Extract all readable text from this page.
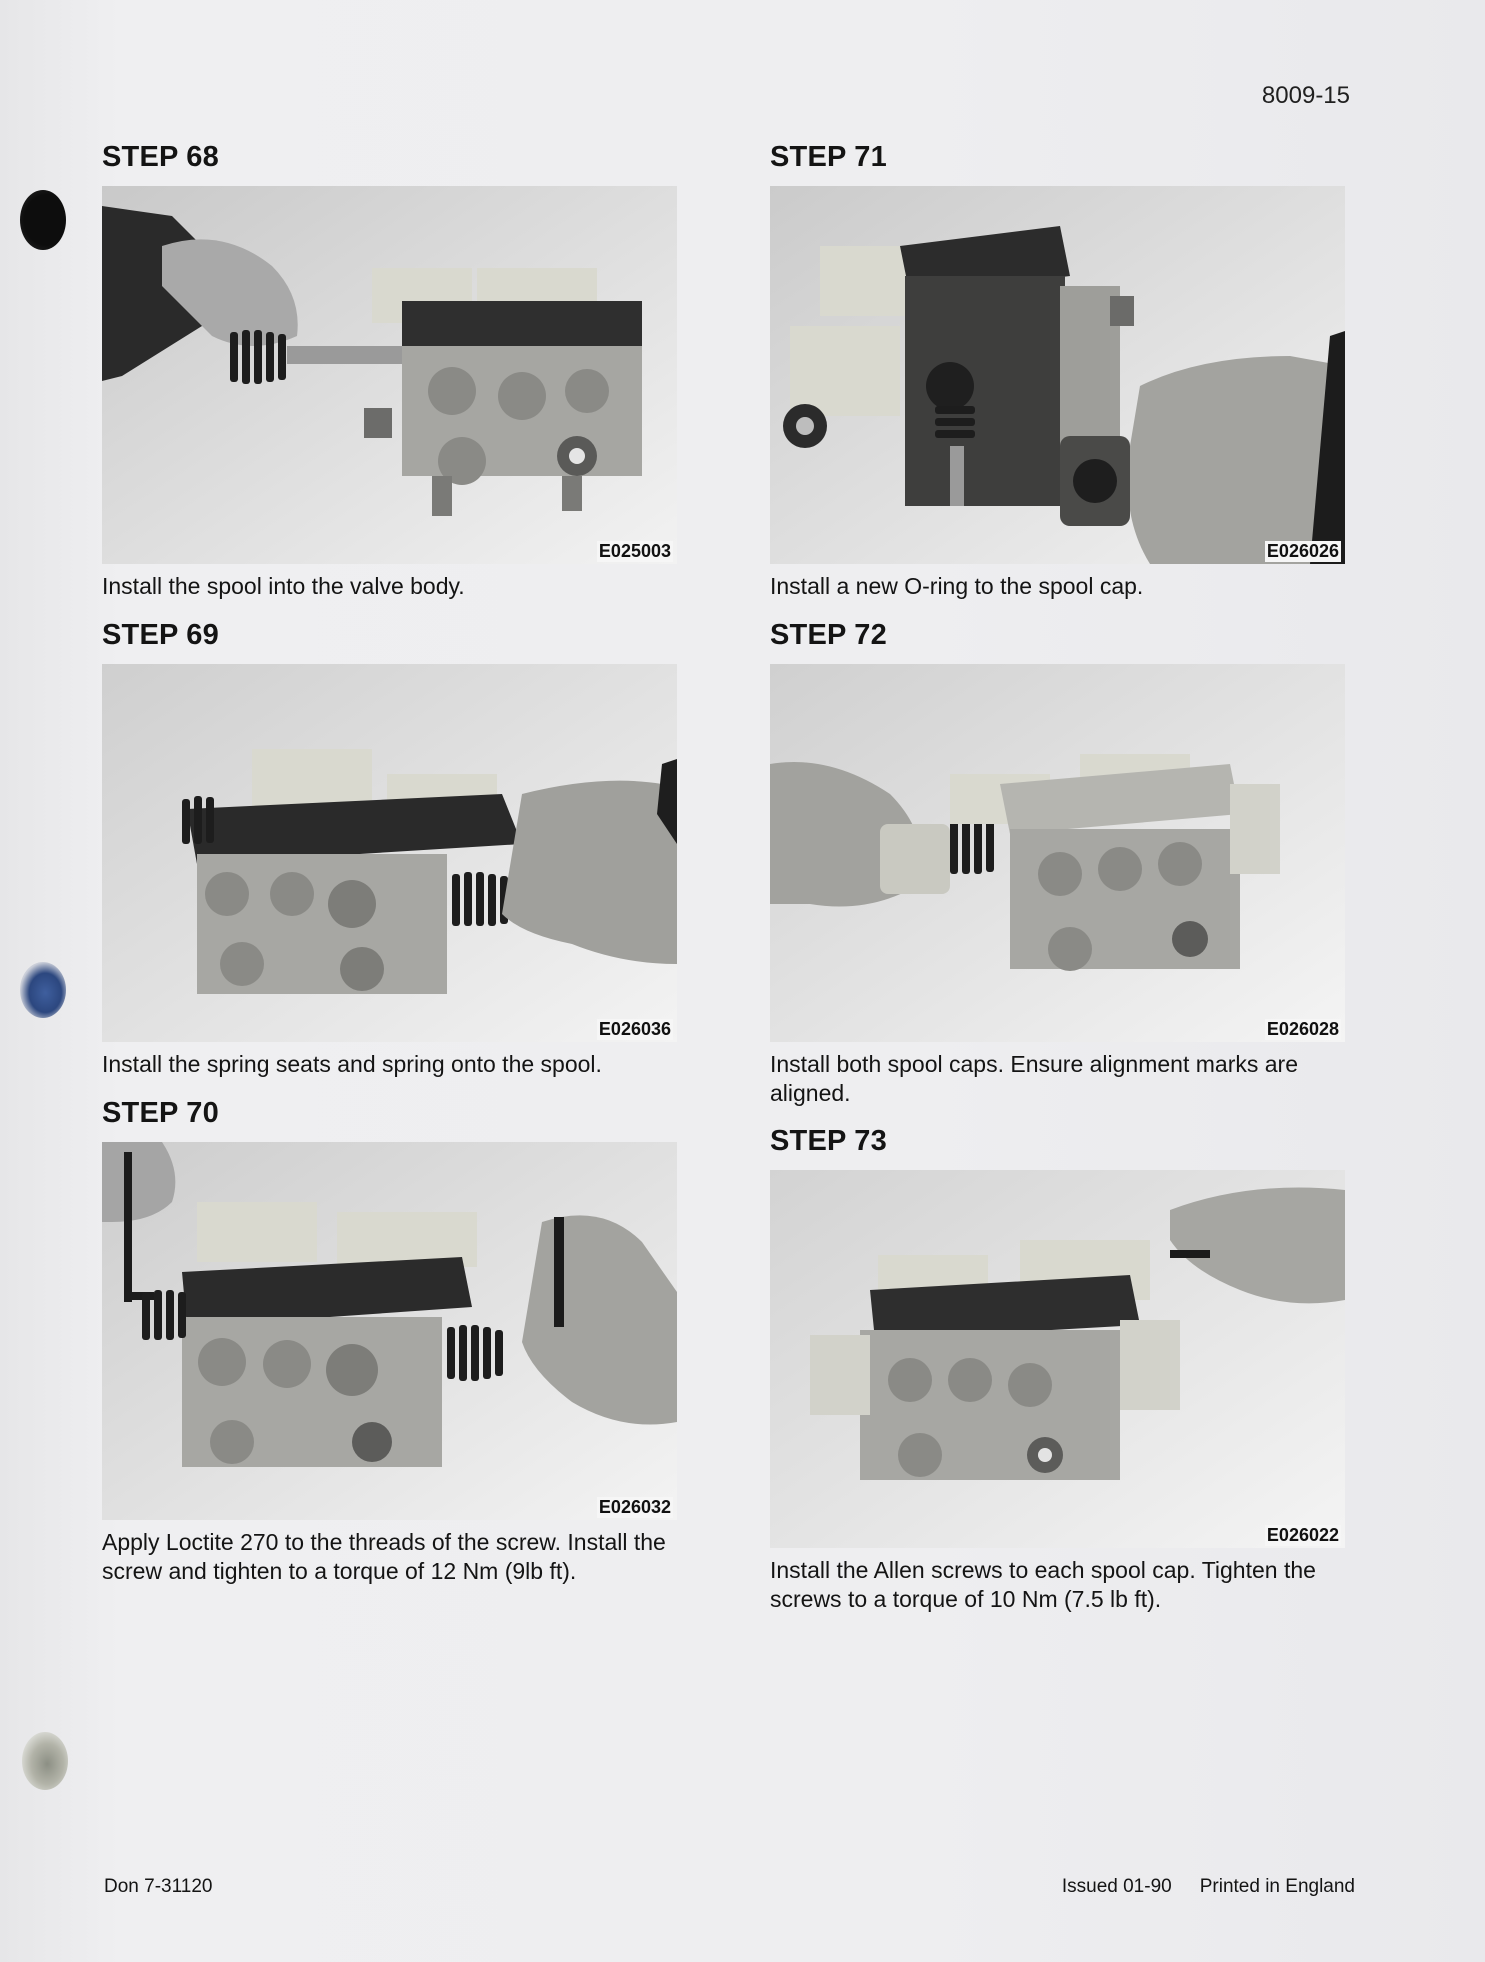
8009-15
STEP 68
E025003
Install the spool into the valve body.
STEP 69
E026036
Install the spring seats and spring onto the spool.
STEP 70
E026032
Apply Loctite 270 to the threads of the screw. Install the screw and tighten to a torque of 12 Nm (9lb ft).
STEP 71
E026026
Install a new O-ring to the spool cap.
STEP 72
E026028
Install both spool caps. Ensure alignment marks are aligned.
STEP 73
E026022
Install the Allen screws to each spool cap. Tighten the screws to a torque of 10 Nm (7.5 lb ft).
Don 7-31120	Issued 01-90 Printed in England
